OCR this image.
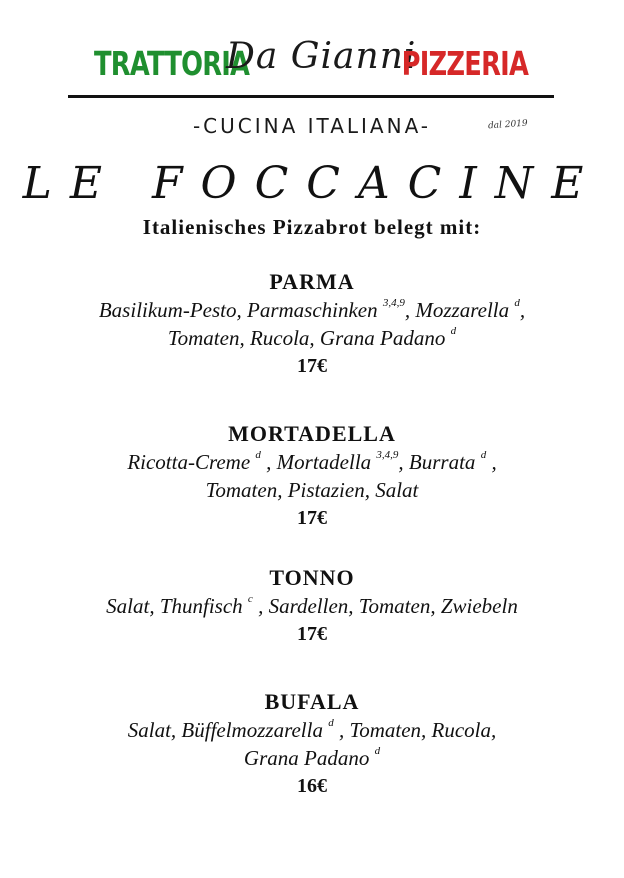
TRATTORIA
Da Gianni
PIZZERIA
-CUCINA ITALIANA-	dal 2019
LE FOCCACINE
Italienisches Pizzabrot belegt mit:
PARMA
Basilikum-Pesto, Parmaschinken $^{3,4,9}$, Mozzarella $^d$,
Tomaten, Rucola, Grana Padano $^d$
17€
MORTADELLA
Ricotta-Creme $^d$ , Mortadella $^{3,4,9}$, Burrata $^d$ ,
Tomaten, Pistazien, Salat
17€
TONNO
Salat, Thunfisch $^c$ , Sardellen, Tomaten, Zwiebeln
17€
BUFALA
Salat, Büffelmozzarella $^d$ , Tomaten, Rucola,
Grana Padano $^d$
16€
